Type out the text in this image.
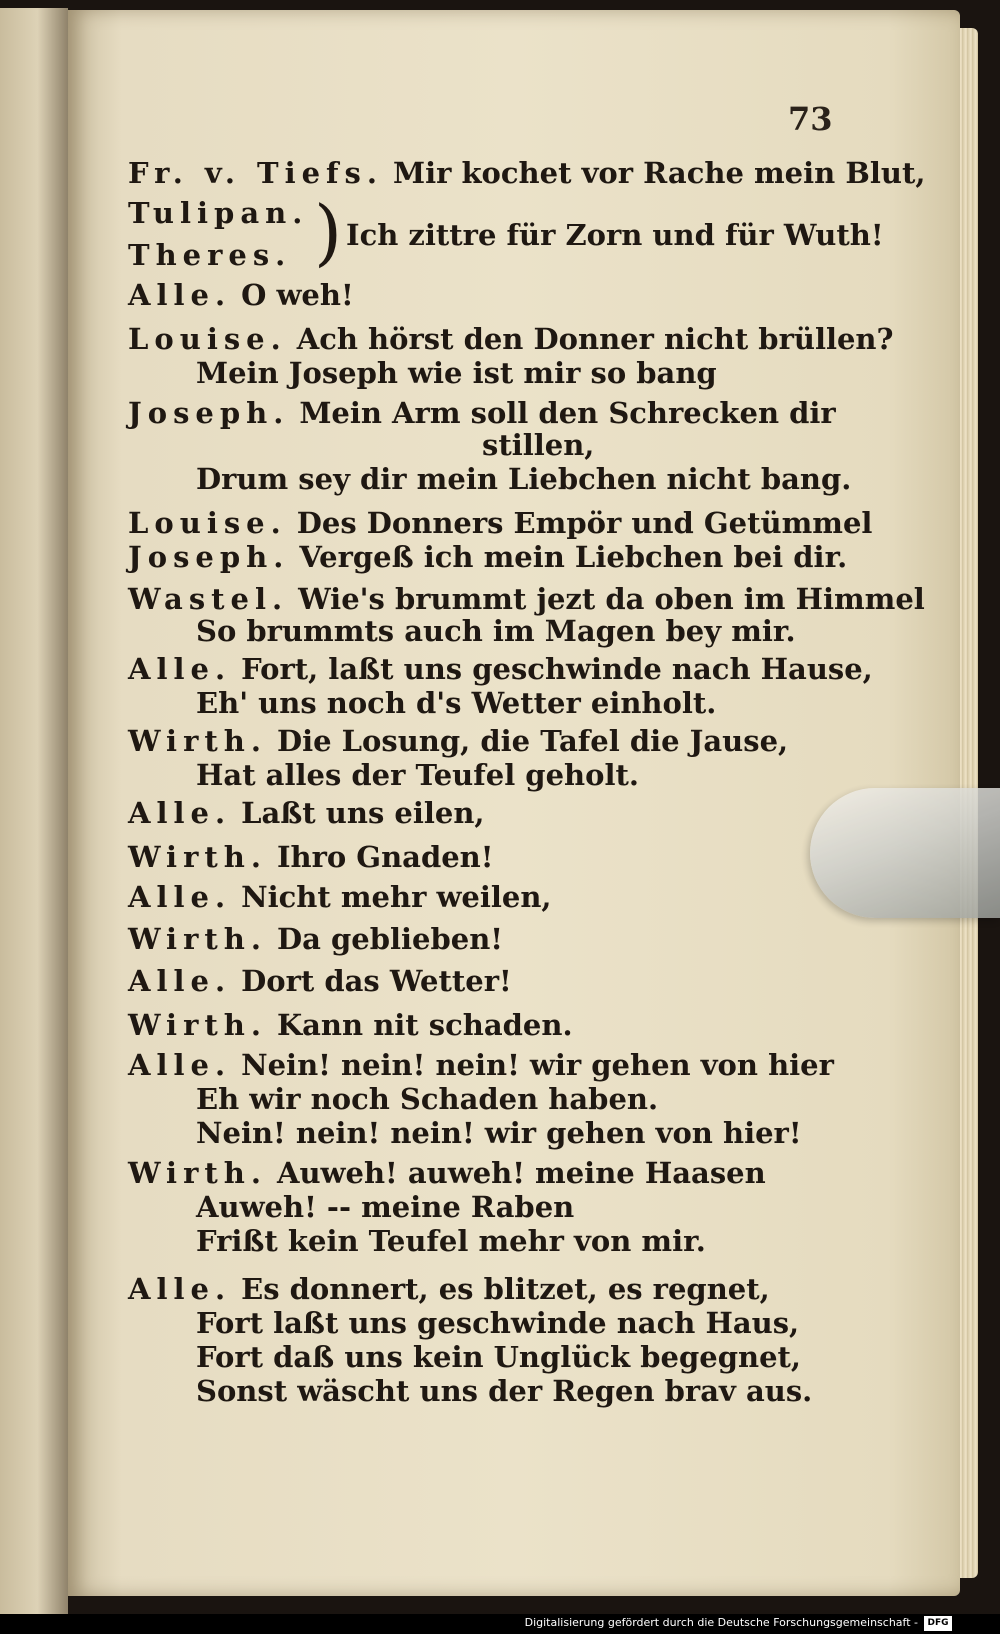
73
Fr. v. Tiefs. Mir kochet vor Rache mein Blut,
Tulipan.
Theres. ) Ich zittre für Zorn und für Wuth!
Alle. O weh!
Louise. Ach hörst den Donner nicht brüllen?
Mein Joseph wie ist mir so bang
Joseph. Mein Arm soll den Schrecken dir
stillen,
Drum sey dir mein Liebchen nicht bang.
Louise. Des Donners Empör und Getümmel
Joseph. Vergeß ich mein Liebchen bei dir.
Wastel. Wie's brummt jezt da oben im Himmel
So brummts auch im Magen bey mir.
Alle. Fort, laßt uns geschwinde nach Hause,
Eh' uns noch d's Wetter einholt.
Wirth. Die Losung, die Tafel die Jause,
Hat alles der Teufel geholt.
Alle. Laßt uns eilen,
Wirth. Ihro Gnaden!
Alle. Nicht mehr weilen,
Wirth. Da geblieben!
Alle. Dort das Wetter!
Wirth. Kann nit schaden.
Alle. Nein! nein! nein! wir gehen von hier
Eh wir noch Schaden haben.
Nein! nein! nein! wir gehen von hier!
Wirth. Auweh! auweh! meine Haasen
Auweh! -- meine Raben
Frißt kein Teufel mehr von mir.
Alle. Es donnert, es blitzet, es regnet,
Fort laßt uns geschwinde nach Haus,
Fort daß uns kein Unglück begegnet,
Sonst wäscht uns der Regen brav aus.
Digitalisierung gefördert durch die Deutsche Forschungsgemeinschaft -	DFG
